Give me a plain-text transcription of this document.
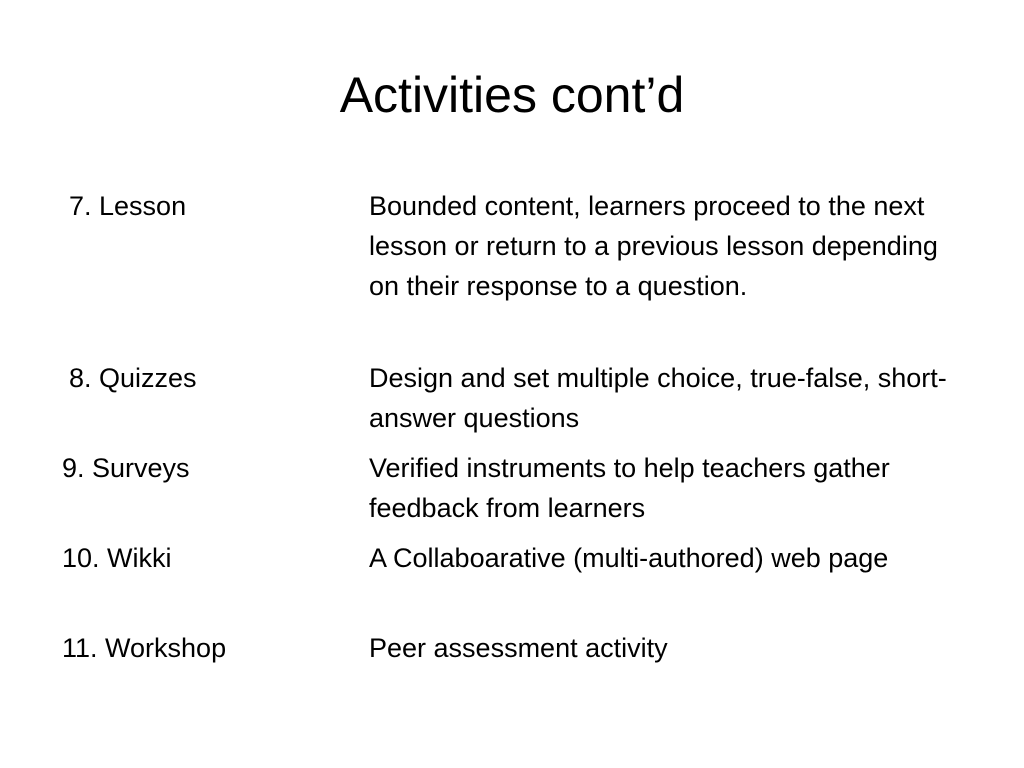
Activities cont’d
7. Lesson	Bounded content, learners proceed to the next lesson or return to a previous lesson depending on their response to a question.
8. Quizzes	Design and set multiple choice, true-false, short- answer questions
9. Surveys	Verified instruments to help teachers gather feedback from learners
10. Wikki	A Collaboarative (multi-authored) web page
11. Workshop	Peer assessment activity
